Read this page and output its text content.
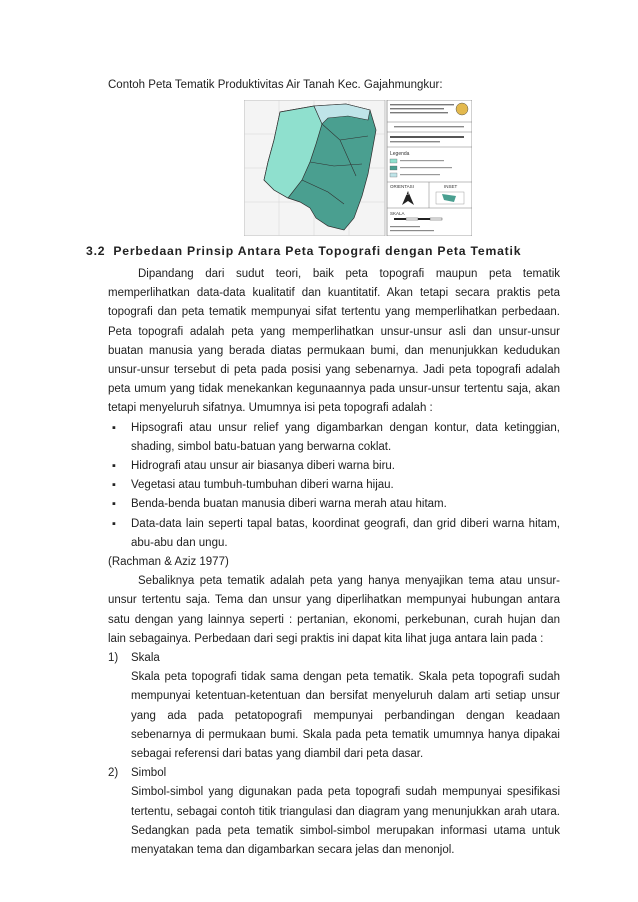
Contoh Peta Tematik Produktivitas Air Tanah Kec. Gajahmungkur:
Legenda
ORIENTASI	INSET
U
SKALA
3.2 Perbedaan Prinsip Antara Peta Topografi dengan Peta Tematik

Dipandang dari sudut teori, baik peta topografi maupun peta tematik memperlihatkan data-data kualitatif dan kuantitatif. Akan tetapi secara praktis peta topografi dan peta tematik mempunyai sifat tertentu yang memperlihatkan perbedaan. Peta topografi adalah peta yang memperlihatkan unsur-unsur asli dan unsur-unsur buatan manusia yang berada diatas permukaan bumi, dan menunjukkan kedudukan unsur-unsur tersebut di peta pada posisi yang sebenarnya. Jadi peta topografi adalah peta umum yang tidak menekankan kegunaannya pada unsur-unsur tertentu saja, akan tetapi menyeluruh sifatnya. Umumnya isi peta topografi adalah :

▪ Hipsografi atau unsur relief yang digambarkan dengan kontur, data ketinggian, shading, simbol batu-batuan yang berwarna coklat.
▪ Hidrografi atau unsur air biasanya diberi warna biru.
▪ Vegetasi atau tumbuh-tumbuhan diberi warna hijau.
▪ Benda-benda buatan manusia diberi warna merah atau hitam.
▪ Data-data lain seperti tapal batas, koordinat geografi, dan grid diberi warna hitam, abu-abu dan ungu.

(Rachman & Aziz 1977)

Sebaliknya peta tematik adalah peta yang hanya menyajikan tema atau unsur-unsur tertentu saja. Tema dan unsur yang diperlihatkan mempunyai hubungan antara satu dengan yang lainnya seperti : pertanian, ekonomi, perkebunan, curah hujan dan lain sebagainya. Perbedaan dari segi praktis ini dapat kita lihat juga antara lain pada :

1) Skala
Skala peta topografi tidak sama dengan peta tematik. Skala peta topografi sudah mempunyai ketentuan-ketentuan dan bersifat menyeluruh dalam arti setiap unsur yang ada pada petatopografi mempunyai perbandingan dengan keadaan sebenarnya di permukaan bumi. Skala pada peta tematik umumnya hanya dipakai sebagai referensi dari batas yang diambil dari peta dasar.
2) Simbol
Simbol-simbol yang digunakan pada peta topografi sudah mempunyai spesifikasi tertentu, sebagai contoh titik triangulasi dan diagram yang menunjukkan arah utara. Sedangkan pada peta tematik simbol-simbol merupakan informasi utama untuk menyatakan tema dan digambarkan secara jelas dan menonjol.
